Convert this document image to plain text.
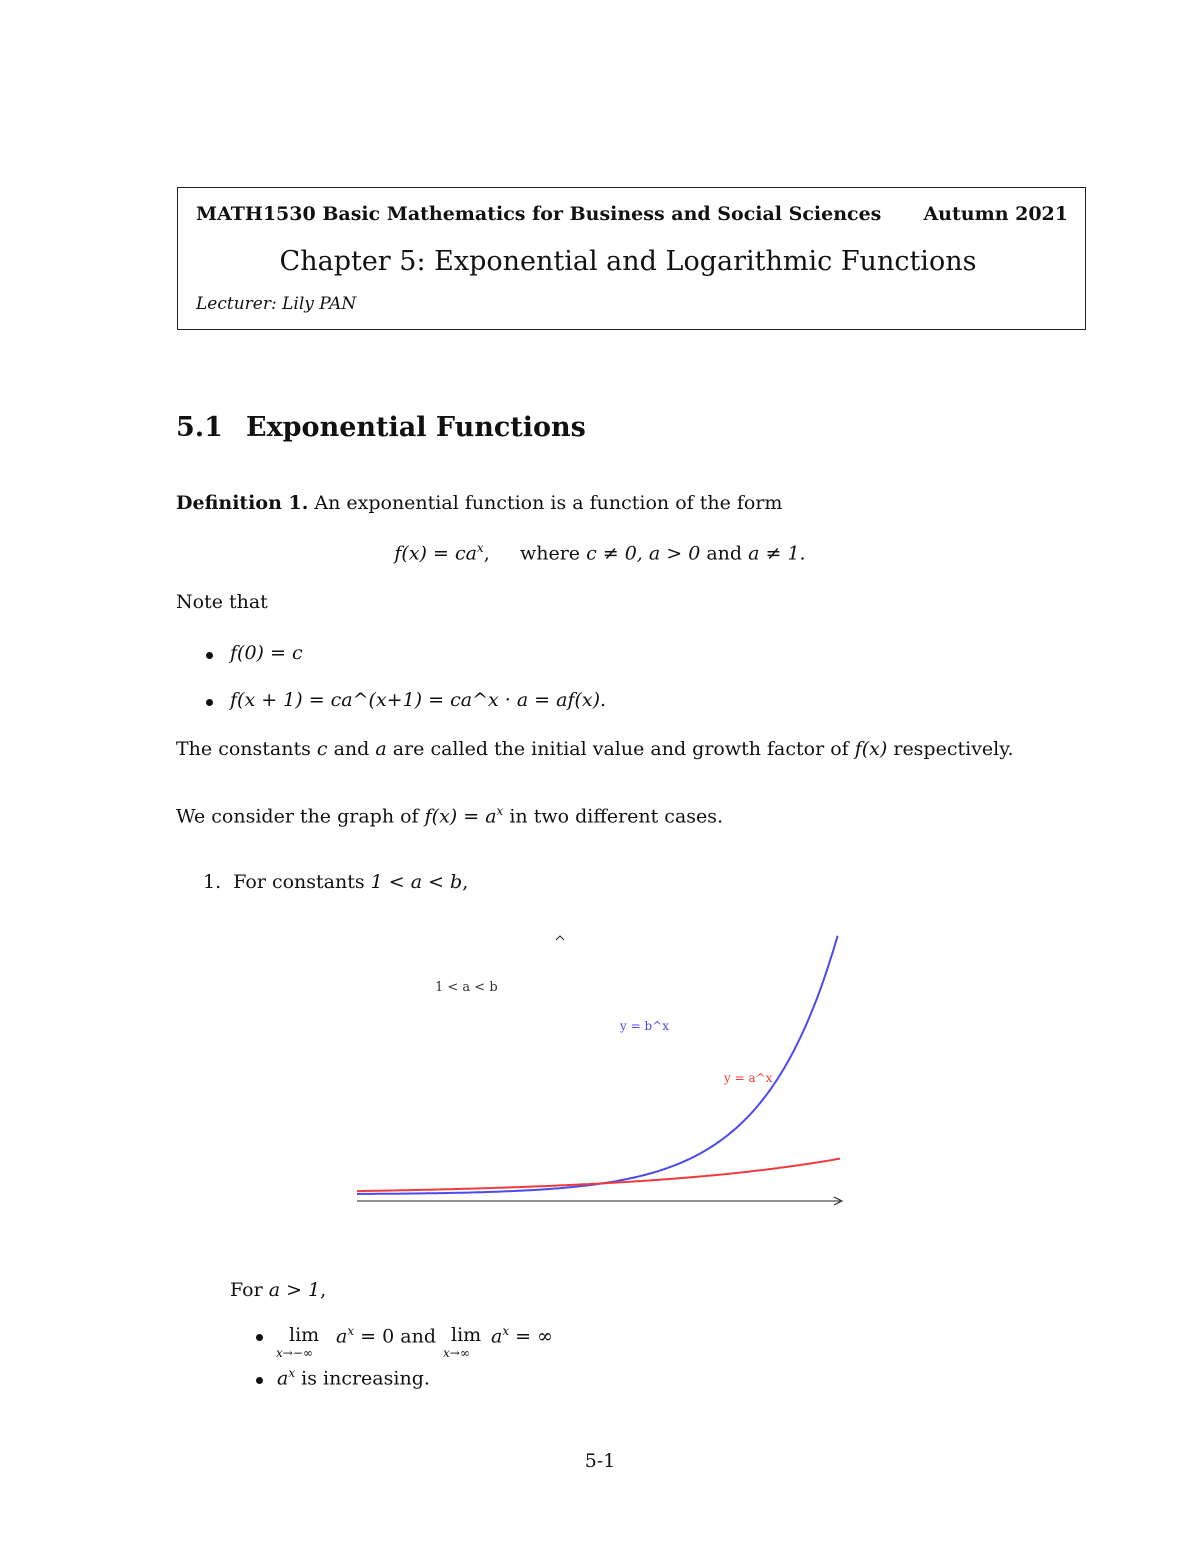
MATH1530 Basic Mathematics for Business and Social Sciences Autumn 2021
Chapter 5: Exponential and Logarithmic Functions
Lecturer: Lily PAN
5.1 Exponential Functions
Definition 1. An exponential function is a function of the form
$f(x) = ca^x$, where c ≠ 0, a > 0 and a ≠ 1.
Note that
f(0) = c
f(x + 1) = ca^(x+1) = ca^x · a = af(x).
The constants c and a are called the initial value and growth factor of f(x) respectively.
We consider the graph of $f(x) = a^x$ in two different cases.
1. For constants 1 < a < b,
1 < a < b
y = b^x
y = a^x
For a > 1,
lim
x→−∞
$a^x = 0$ and lim
x→∞
$a^x$ = ∞
$a^x$ is increasing.
5-1
